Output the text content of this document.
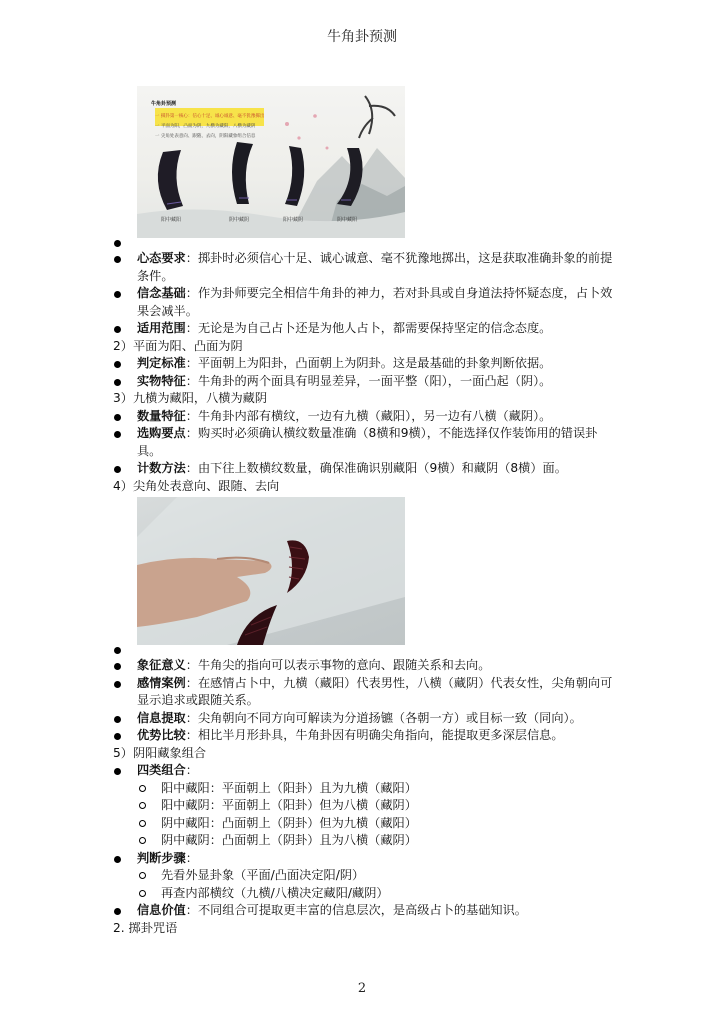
牛角卦预测
牛角卦预测
一 掷卦第一核心：信心十足、诚心诚意、毫不犹豫掷出
一 平面为阳，凸面为阴，九横为藏阳，八横为藏阴
一 尖角处表意向、跟随、去向，阴阳藏象组合信息
阳中藏阳	阴中藏阴	阳中藏阴	阴中藏阳
心态要求：掷卦时必须信心十足、诚心诚意、毫不犹豫地掷出，这是获取准确卦象的前提条件。
信念基础：作为卦师要完全相信牛角卦的神力，若对卦具或自身道法持怀疑态度，占卜效果会减半。
适用范围：无论是为自己占卜还是为他人占卜，都需要保持坚定的信念态度。
2）平面为阳、凸面为阴
判定标准：平面朝上为阳卦，凸面朝上为阴卦。这是最基础的卦象判断依据。
实物特征：牛角卦的两个面具有明显差异，一面平整（阳），一面凸起（阴）。
3）九横为藏阳，八横为藏阴
数量特征：牛角卦内部有横纹，一边有九横（藏阳），另一边有八横（藏阴）。
选购要点：购买时必须确认横纹数量准确（8横和9横），不能选择仅作装饰用的错误卦具。
计数方法：由下往上数横纹数量，确保准确识别藏阳（9横）和藏阴（8横）面。
4）尖角处表意向、跟随、去向
象征意义：牛角尖的指向可以表示事物的意向、跟随关系和去向。
感情案例：在感情占卜中，九横（藏阳）代表男性，八横（藏阴）代表女性，尖角朝向可显示追求或跟随关系。
信息提取：尖角朝向不同方向可解读为分道扬镳（各朝一方）或目标一致（同向）。
优势比较：相比半月形卦具，牛角卦因有明确尖角指向，能提取更多深层信息。
5）阴阳藏象组合
四类组合：
阳中藏阳：平面朝上（阳卦）且为九横（藏阳）
阳中藏阴：平面朝上（阳卦）但为八横（藏阴）
阴中藏阳：凸面朝上（阴卦）但为九横（藏阳）
阴中藏阴：凸面朝上（阴卦）且为八横（藏阴）
判断步骤：
先看外显卦象（平面/凸面决定阳/阴）
再查内部横纹（九横/八横决定藏阳/藏阴）
信息价值：不同组合可提取更丰富的信息层次，是高级占卜的基础知识。
2. 掷卦咒语
2
